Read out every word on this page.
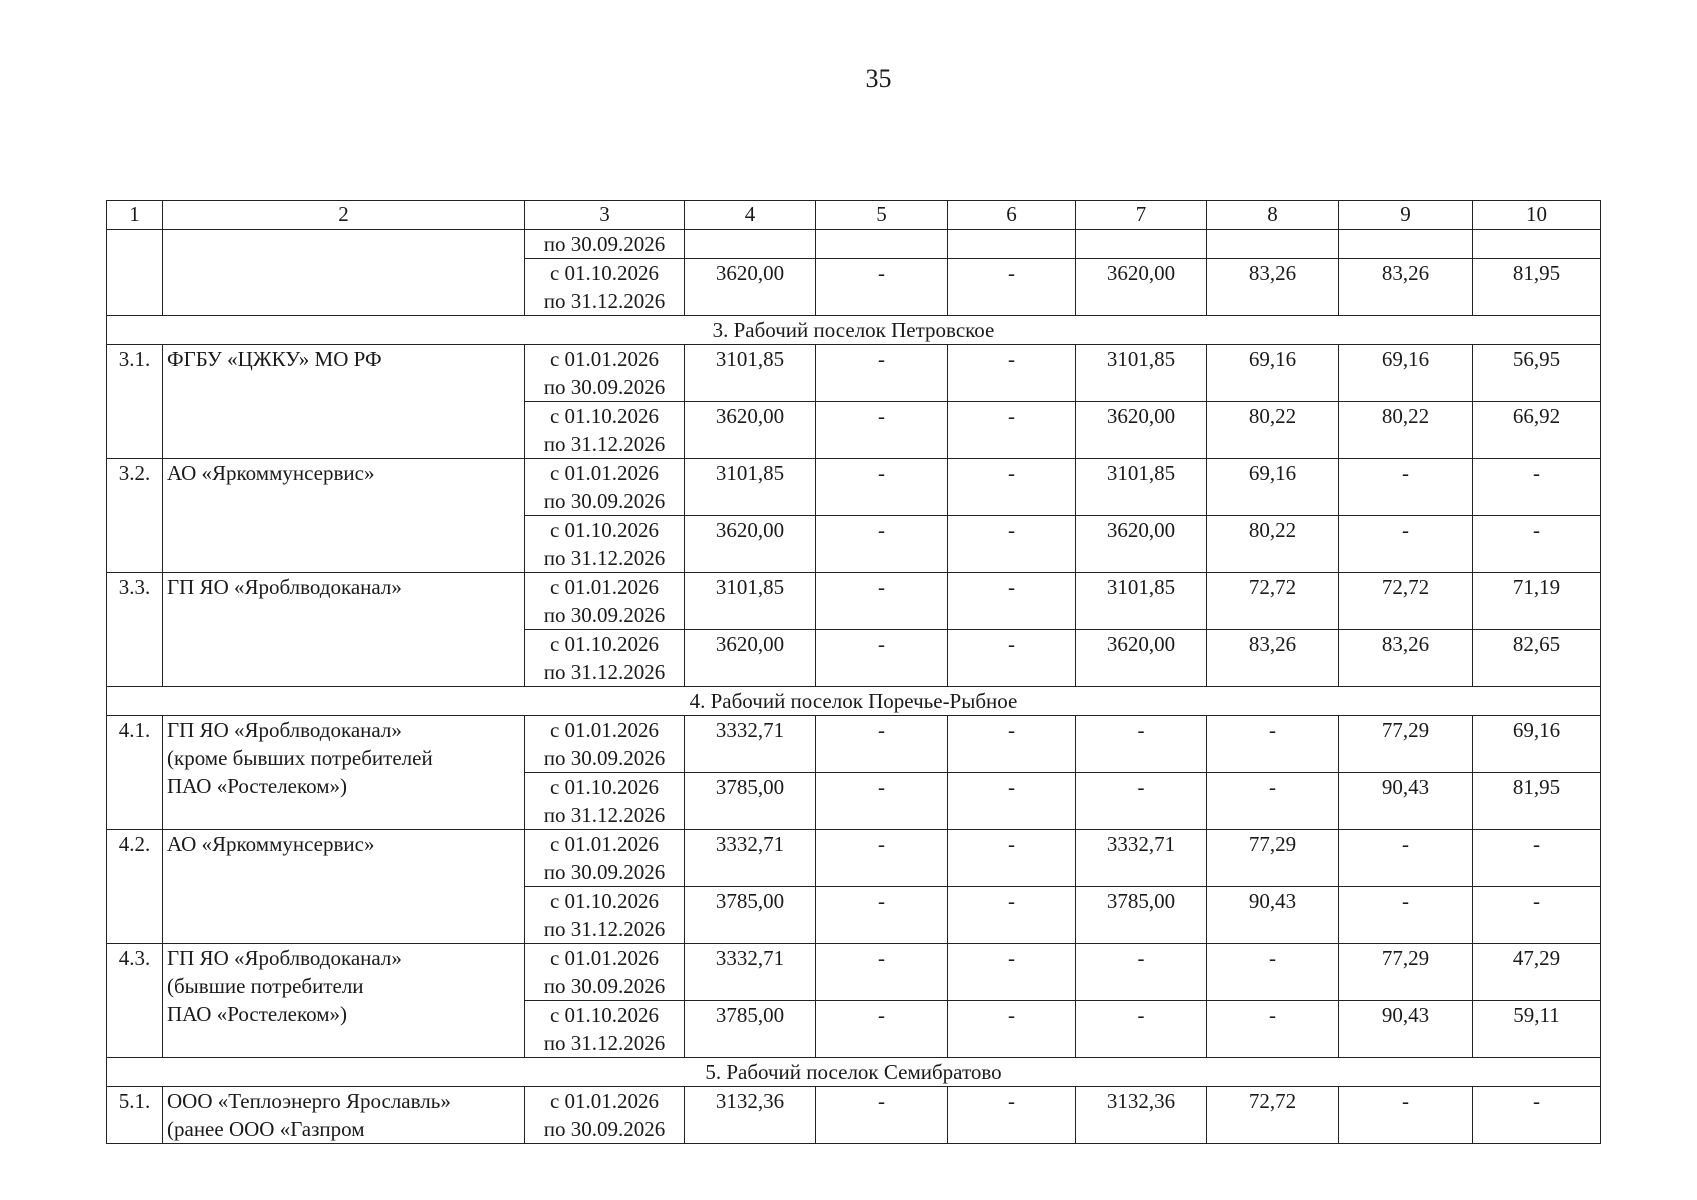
35
1	2	3	4	5	6	7	8	9	10
		по 30.09.2026							
		с 01.10.2026
по 31.12.2026	3620,00	-	-	3620,00	83,26	83,26	81,95
3. Рабочий поселок Петровское									
3.1.	ФГБУ «ЦЖКУ» МО РФ	с 01.01.2026
по 30.09.2026	3101,85	-	-	3101,85	69,16	69,16	56,95
		с 01.10.2026
по 31.12.2026	3620,00	-	-	3620,00	80,22	80,22	66,92
3.2.	АО «Яркоммунсервис»	с 01.01.2026
по 30.09.2026	3101,85	-	-	3101,85	69,16	-	-
		с 01.10.2026
по 31.12.2026	3620,00	-	-	3620,00	80,22	-	-
3.3.	ГП ЯО «Яроблводоканал»	с 01.01.2026
по 30.09.2026	3101,85	-	-	3101,85	72,72	72,72	71,19
		с 01.10.2026
по 31.12.2026	3620,00	-	-	3620,00	83,26	83,26	82,65
4. Рабочий поселок Поречье-Рыбное									
4.1.	ГП ЯО «Яроблводоканал»
(кроме бывших потребителей
ПАО «Ростелеком»)	с 01.01.2026
по 30.09.2026	3332,71	-	-	-	-	77,29	69,16
		с 01.10.2026
по 31.12.2026	3785,00	-	-	-	-	90,43	81,95
4.2.	АО «Яркоммунсервис»	с 01.01.2026
по 30.09.2026	3332,71	-	-	3332,71	77,29	-	-
		с 01.10.2026
по 31.12.2026	3785,00	-	-	3785,00	90,43	-	-
4.3.	ГП ЯО «Яроблводоканал»
(бывшие потребители
ПАО «Ростелеком»)	с 01.01.2026
по 30.09.2026	3332,71	-	-	-	-	77,29	47,29
		с 01.10.2026
по 31.12.2026	3785,00	-	-	-	-	90,43	59,11
5. Рабочий поселок Семибратово									
5.1.	ООО «Теплоэнерго Ярославль»
(ранее ООО «Газпром	с 01.01.2026
по 30.09.2026	3132,36	-	-	3132,36	72,72	-	-
